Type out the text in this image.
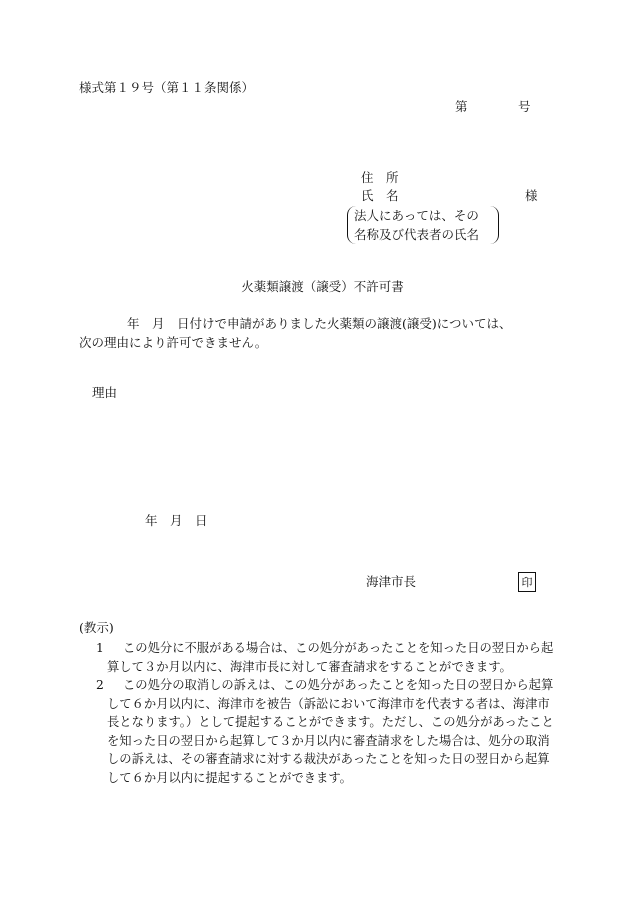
様式第１９号（第１１条関係）
第	号
住　所
氏　名	様
法人にあっては、その
名称及び代表者の氏名
火薬類譲渡（譲受）不許可書
年　月　日付けで申請がありました火薬類の譲渡(譲受)については、
次の理由により許可できません。
理由
年　月　日
海津市長	印
(教示)
1	この処分に不服がある場合は、この処分があったことを知った日の翌日から起算して３か月以内に、海津市長に対して審査請求をすることができます。

2	この処分の取消しの訴えは、この処分があったことを知った日の翌日から起算して６か月以内に、海津市を被告（訴訟において海津市を代表する者は、海津市長となります。）として提起することができます。ただし、この処分があったことを知った日の翌日から起算して３か月以内に審査請求をした場合は、処分の取消しの訴えは、その審査請求に対する裁決があったことを知った日の翌日から起算して６か月以内に提起することができます。
